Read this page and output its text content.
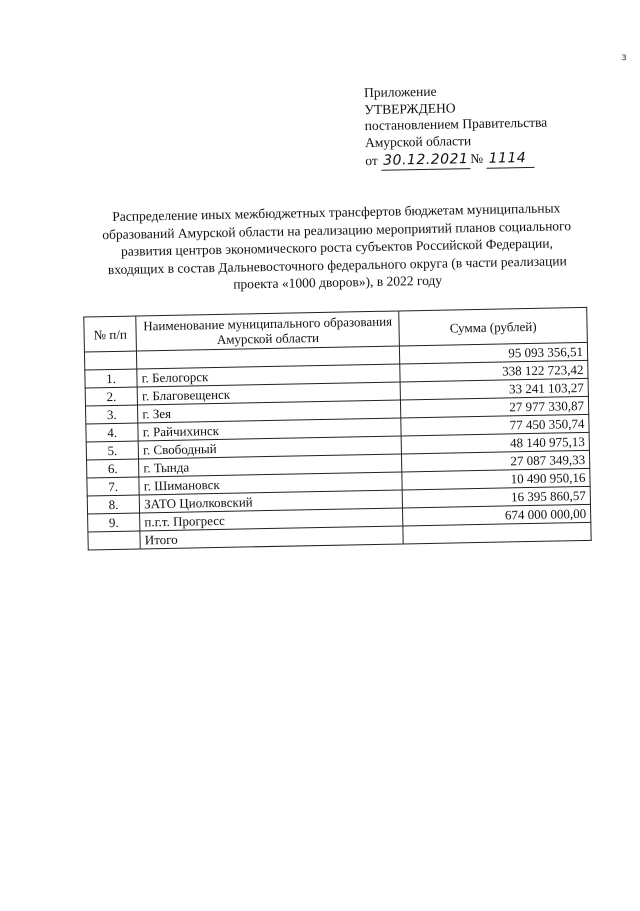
з
Приложение
УТВЕРЖДЕНО
постановлением Правительства
Амурской области
от 30.12.2021 № 1114
Распределение иных межбюджетных трансфертов бюджетам муниципальных
образований Амурской области на реализацию мероприятий планов социального
развития центров экономического роста субъектов Российской Федерации,
входящих в состав Дальневосточного федерального округа (в части реализации
проекта «1000 дворов»), в 2022 году
№ п/п	Наименование муниципального образования Амурской области	Сумма (рублей)
		95 093 356,51
1.	г. Белогорск	338 122 723,42
2.	г. Благовещенск	33 241 103,27
3.	г. Зея	27 977 330,87
4.	г. Райчихинск	77 450 350,74
5.	г. Свободный	48 140 975,13
6.	г. Тында	27 087 349,33
7.	г. Шимановск	10 490 950,16
8.	ЗАТО Циолковский	16 395 860,57
9.	п.г.т. Прогресс	674 000 000,00
	Итого	
